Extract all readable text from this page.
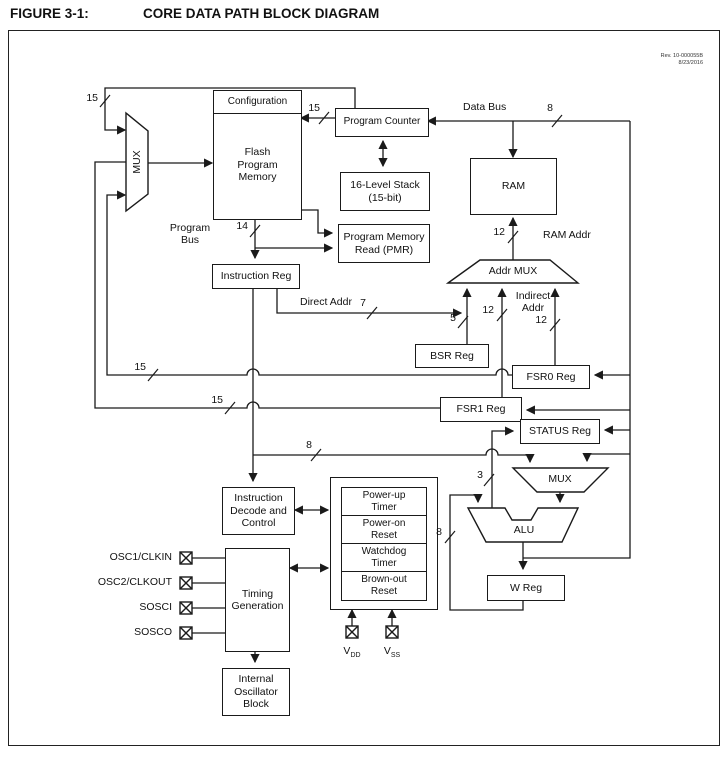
FIGURE 3-1:	CORE DATA PATH BLOCK DIAGRAM
Rev. 10-000055B
8/23/2016
Flash
Program
Memory
Configuration
MUX
Program Counter
16-Level Stack
(15-bit)
Program Memory
Read (PMR)
Instruction Reg
RAM
Addr MUX
BSR Reg
FSR0 Reg
FSR1 Reg
STATUS Reg
MUX
ALU
W Reg
Instruction
Decode and
Control
Timing
Generation
Internal
Oscillator
Block
Power-up
Timer
Power-on
Reset
Watchdog
Timer
Brown-out
Reset
Data Bus
Program
Bus	RAM Addr
Direct Addr	Indirect
Addr
15
15
15
15
14
8
8
7
5
12
12
12
3
8
OSC1/CLKIN
OSC2/CLKOUT
SOSCI
SOSCO
$V_{DD}$	$V_{SS}$
